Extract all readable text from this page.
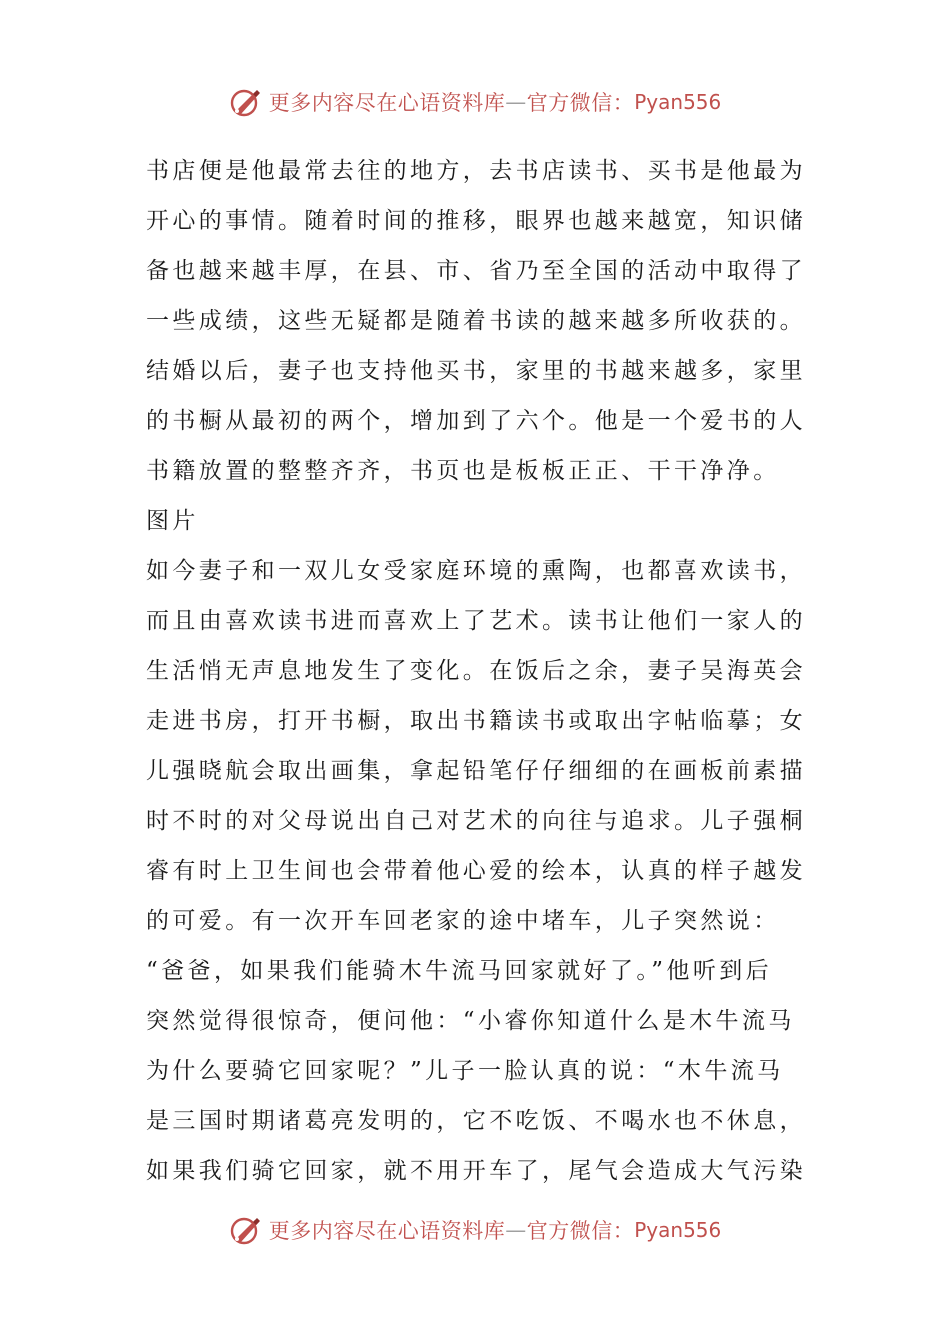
更多内容尽在心语资料库 — 官方微信： Pyan556
书店便是他最常去往的地方，去书店读书、买书是他最为
开心的事情。随着时间的推移，眼界也越来越宽，知识储
备也越来越丰厚，在县、市、省乃至全国的活动中取得了
一些成绩，这些无疑都是随着书读的越来越多所收获的。
结婚以后，妻子也支持他买书，家里的书越来越多，家里
的书橱从最初的两个，增加到了六个。他是一个爱书的人
书籍放置的整整齐齐，书页也是板板正正、干干净净。
图片
如今妻子和一双儿女受家庭环境的熏陶，也都喜欢读书，
而且由喜欢读书进而喜欢上了艺术。读书让他们一家人的
生活悄无声息地发生了变化。在饭后之余，妻子吴海英会
走进书房，打开书橱，取出书籍读书或取出字帖临摹；女
儿强晓航会取出画集，拿起铅笔仔仔细细的在画板前素描
时不时的对父母说出自己对艺术的向往与追求。儿子强桐
睿有时上卫生间也会带着他心爱的绘本，认真的样子越发
的可爱。有一次开车回老家的途中堵车，儿子突然说：
“爸爸，如果我们能骑木牛流马回家就好了。”他听到后
突然觉得很惊奇，便问他：“小睿你知道什么是木牛流马
为什么要骑它回家呢？”儿子一脸认真的说：“木牛流马
是三国时期诸葛亮发明的，它不吃饭、不喝水也不休息，
如果我们骑它回家，就不用开车了，尾气会造成大气污染
更多内容尽在心语资料库 — 官方微信： Pyan556
